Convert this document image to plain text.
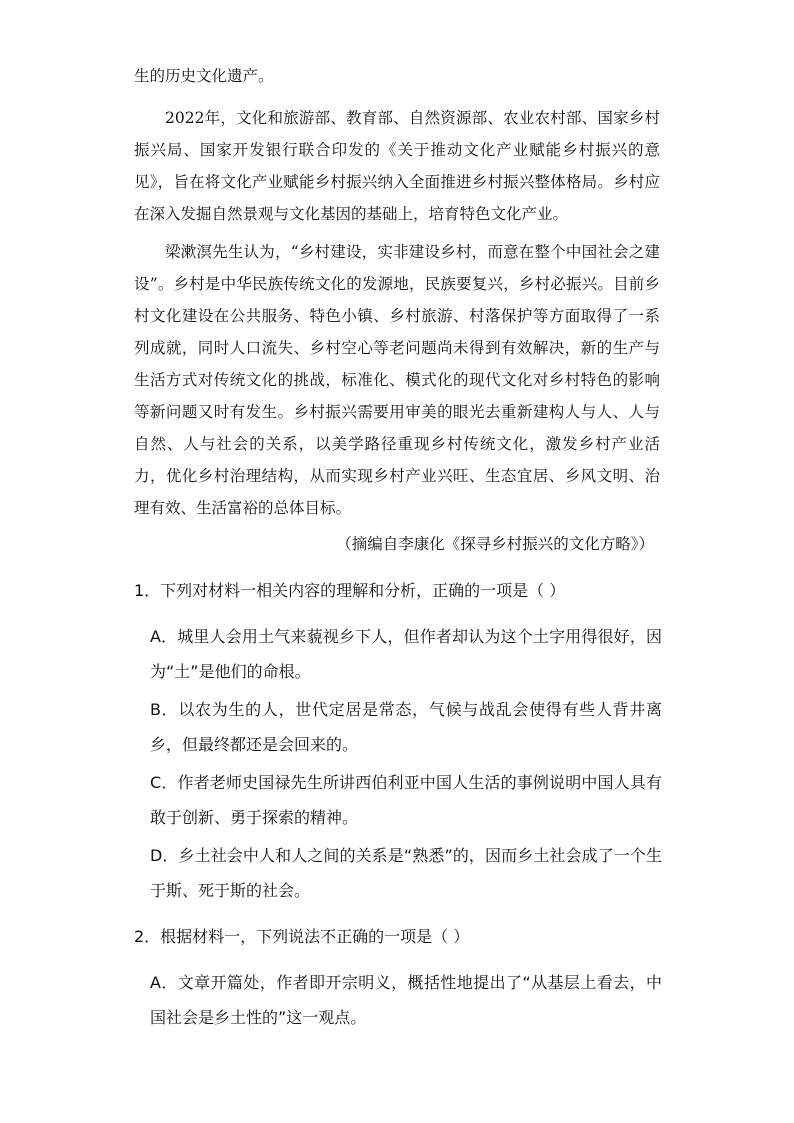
生的历史文化遗产。
2022年，文化和旅游部、教育部、自然资源部、农业农村部、国家乡村振兴局、国家开发银行联合印发的《关于推动文化产业赋能乡村振兴的意见》，旨在将文化产业赋能乡村振兴纳入全面推进乡村振兴整体格局。乡村应在深入发掘自然景观与文化基因的基础上，培育特色文化产业。
梁漱溟先生认为，“乡村建设，实非建设乡村，而意在整个中国社会之建设”。乡村是中华民族传统文化的发源地，民族要复兴，乡村必振兴。目前乡村文化建设在公共服务、特色小镇、乡村旅游、村落保护等方面取得了一系列成就，同时人口流失、乡村空心等老问题尚未得到有效解决，新的生产与生活方式对传统文化的挑战，标准化、模式化的现代文化对乡村特色的影响等新问题又时有发生。乡村振兴需要用审美的眼光去重新建构人与人、人与自然、人与社会的关系，以美学路径重现乡村传统文化，激发乡村产业活力，优化乡村治理结构，从而实现乡村产业兴旺、生态宜居、乡风文明、治理有效、生活富裕的总体目标。
（摘编自李康化《探寻乡村振兴的文化方略》）
1．下列对材料一相关内容的理解和分析，正确的一项是（ ）
A．城里人会用土气来藐视乡下人，但作者却认为这个土字用得很好，因为“土”是他们的命根。
B．以农为生的人，世代定居是常态，气候与战乱会使得有些人背井离乡，但最终都还是会回来的。
C．作者老师史国禄先生所讲西伯利亚中国人生活的事例说明中国人具有敢于创新、勇于探索的精神。
D．乡土社会中人和人之间的关系是“熟悉”的，因而乡土社会成了一个生于斯、死于斯的社会。
2．根据材料一，下列说法不正确的一项是（ ）
A．文章开篇处，作者即开宗明义，概括性地提出了“从基层上看去，中国社会是乡土性的”这一观点。
